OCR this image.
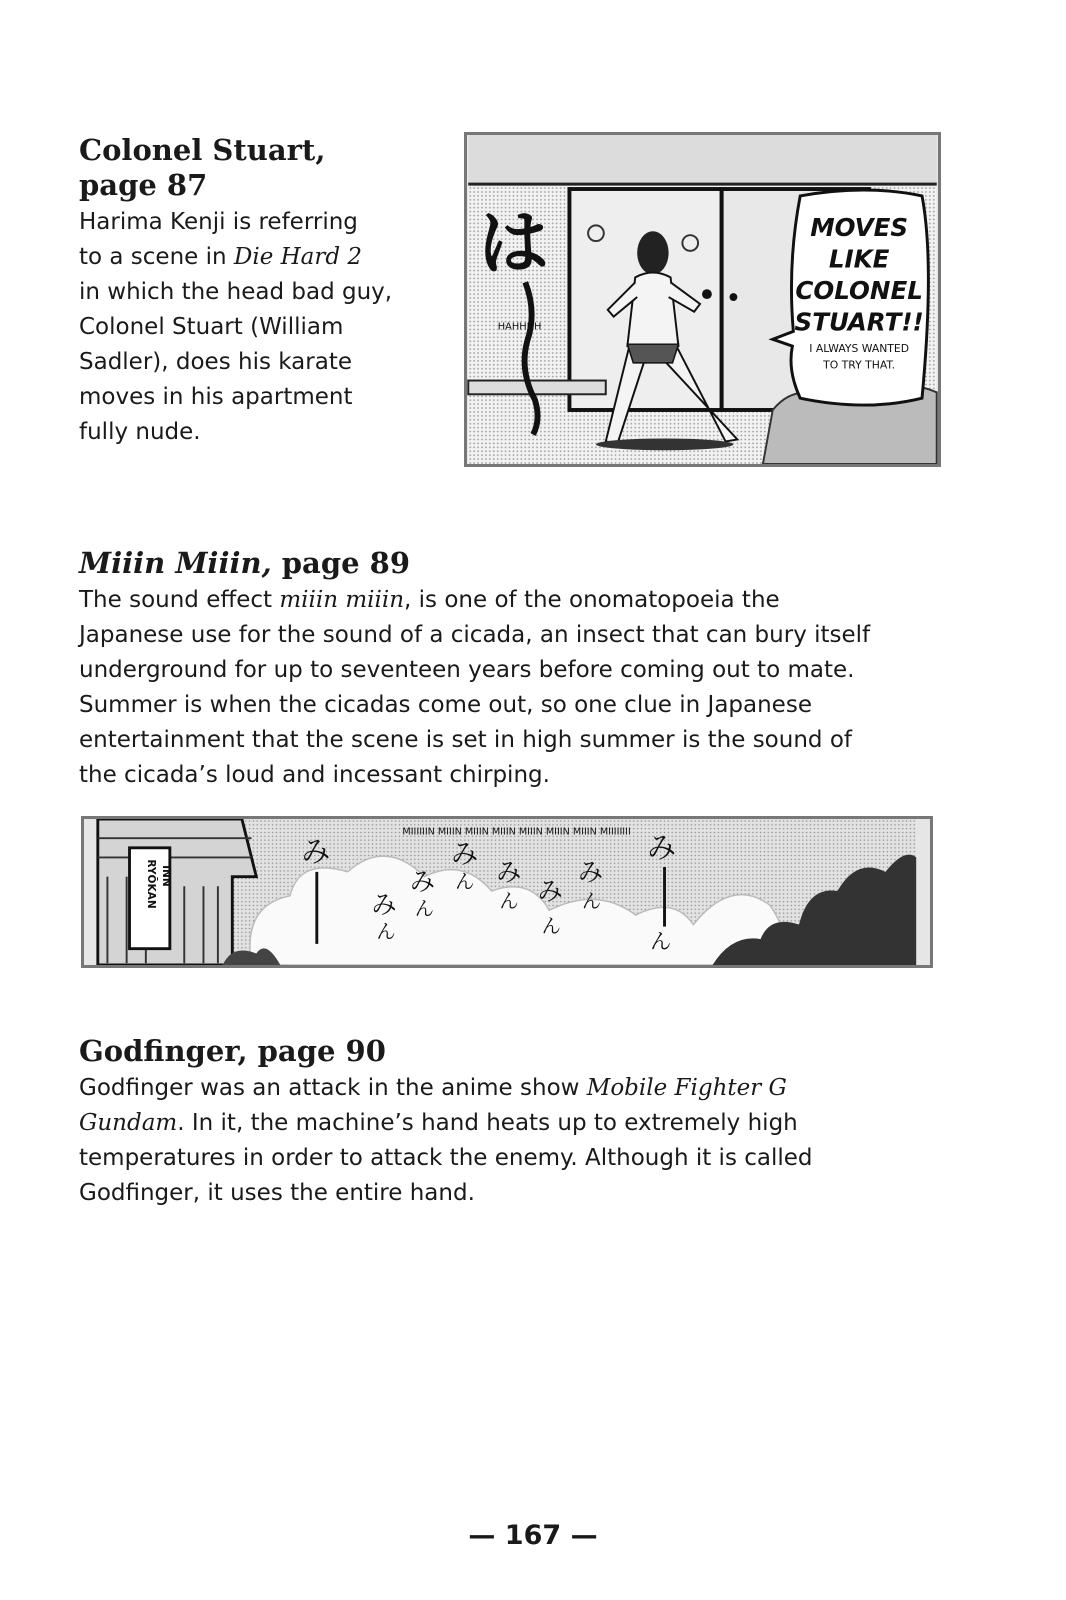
Colonel Stuart,
page 87
Harima Kenji is referring
to a scene in Die Hard 2
in which the head bad guy,
Colonel Stuart (William
Sadler), does his karate
moves in his apartment
fully nude.
MOVES
LIKE
COLONEL
STUART!!
I ALWAYS WANTED
TO TRY THAT.
は
HAHHHH
Miiin Miiin, page 89
The sound effect miiin miiin, is one of the onomatopoeia the
Japanese use for the sound of a cicada, an insect that can bury itself
underground for up to seventeen years before coming out to mate.
Summer is when the cicadas come out, so one clue in Japanese
entertainment that the scene is set in high summer is the sound of
the cicada’s loud and incessant chirping.
INN
RYŌKAN
MIIIIIIN MIIIN MIIIN MIIIN MIIIN MIIIN MIIIN MIIIIIIII
み	み
ん
み
ん
み
ん
み
ん み
ん
み
ん
み
ん
Godfinger, page 90
Godfinger was an attack in the anime show Mobile Fighter G
Gundam. In it, the machine’s hand heats up to extremely high
temperatures in order to attack the enemy. Although it is called
Godfinger, it uses the entire hand.
— 167 —
